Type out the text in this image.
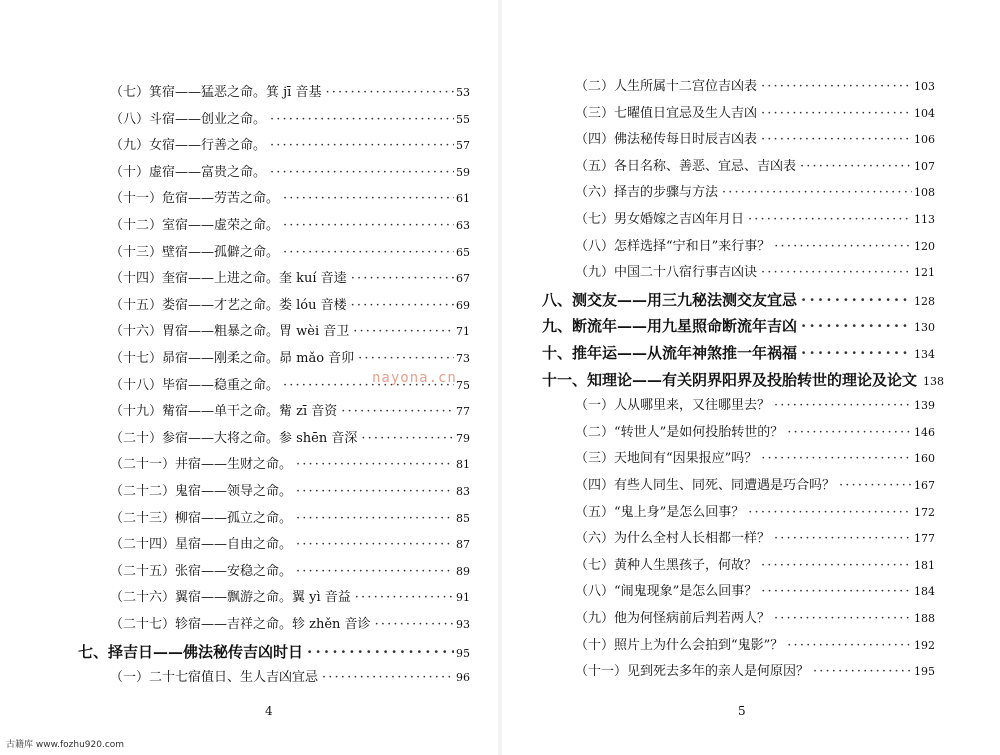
（七）箕宿——猛恶之命。箕 jī 音基 · · ·	53
（八）斗宿——创业之命。 · · ·	55
（九）女宿——行善之命。 · · ·	57
（十）虚宿——富贵之命。 · · ·	59
（十一）危宿——劳苦之命。 · · ·	61
（十二）室宿——虚荣之命。 · · ·	63
（十三）壁宿——孤僻之命。 · · ·	65
（十四）奎宿——上进之命。奎 kuí 音逵 · · ·	67
（十五）娄宿——才艺之命。娄 lóu 音楼 · · ·	69
（十六）胃宿——粗暴之命。胃 wèi 音卫 · · ·	71
（十七）昴宿——刚柔之命。昴 mǎo 音卯 · · ·	73
（十八）毕宿——稳重之命。 · · ·	75
（十九）觜宿——单干之命。觜 zī 音资 · · ·	77
（二十）参宿——大将之命。参 shēn 音深 · · ·	79
（二十一）井宿——生财之命。 · · ·	81
（二十二）鬼宿——领导之命。 · · ·	83
（二十三）柳宿——孤立之命。 · · ·	85
（二十四）星宿——自由之命。 · · ·	87
（二十五）张宿——安稳之命。 · · ·	89
（二十六）翼宿——飘游之命。翼 yì 音益 · · ·	91
（二十七）轸宿——吉祥之命。轸 zhěn 音诊 · · ·	93
七、择吉日——佛法秘传吉凶时日 · · ·	95
（一）二十七宿值日、生人吉凶宜忌 · · ·	96
4
（二）人生所属十二宫位吉凶表 · · ·	103
（三）七曜值日宜忌及生人吉凶 · · ·	104
（四）佛法秘传每日时辰吉凶表 · · ·	106
（五）各日名称、善恶、宜忌、吉凶表 · · ·	107
（六）择吉的步骤与方法 · · ·	108
（七）男女婚嫁之吉凶年月日 · · ·	113
（八）怎样选择“宁和日”来行事？ · · ·	120
（九）中国二十八宿行事吉凶诀 · · ·	121
八、测交友——用三九秘法测交友宜忌 · · ·	128
九、断流年——用九星照命断流年吉凶 · · ·	130
十、推年运——从流年神煞推一年祸福 · · ·	134
十一、知理论——有关阴界阳界及投胎转世的理论及论文 · · · 138
（一）人从哪里来，又往哪里去？ · · ·	139
（二）“转世人”是如何投胎转世的？ · · ·	146
（三）天地间有“因果报应”吗？ · · ·	160
（四）有些人同生、同死、同遭遇是巧合吗？ · · ·	167
（五）“鬼上身”是怎么回事？ · · ·	172
（六）为什么全村人长相都一样？ · · ·	177
（七）黄种人生黑孩子，何故？ · · ·	181
（八）“闹鬼现象”是怎么回事？ · · ·	184
（九）他为何怪病前后判若两人？ · · ·	188
（十）照片上为什么会拍到“鬼影”？ · · ·	192
（十一）见到死去多年的亲人是何原因？ · · ·	195
5
nayona.cn
古籍库 www.fozhu920.com
